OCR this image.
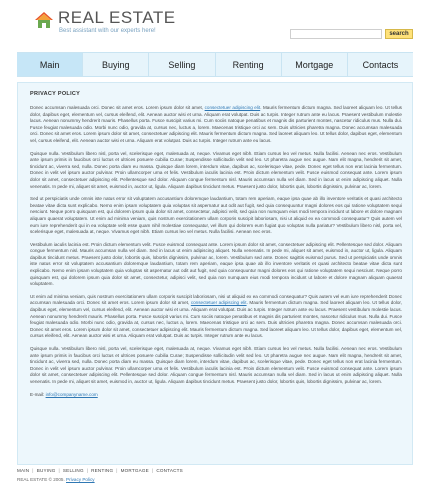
REAL ESTATE
Best assistant with our experts here!	search
Main	Buying	Selling	Renting	Mortgage	Contacts
PRIVACY POLICY

Donec accumsan malesuada orci. Donec sit amet eros. Lorem ipsum dolor sit amet, consectetuer adipiscing elit. Mauris fermentum dictum magna. Sed laoreet aliquam leo. Ut tellus dolor, dapibus eget, elementum vel, cursus eleifend, elit. Aenean auctor wisi et urna. Aliquam erat volutpat. Duis ac turpis. Integer rutrum ante eu lacus. Praesent vestibulum molestie lacus. Aenean nonummy hendrerit mauris. Phasellus porta. Fusce suscipit varius mi. Cum sociis natoque penatibus et magnis dis parturient montes, nascetur ridiculus mus. Nulla dui. Fusce feugiat malesuada odio. Morbi nunc odio, gravida at, cursus nec, luctus a, lorem. Maecenas tristique orci ac sem. Duis ultricies pharetra magna. Donec accumsan malesuada orci. Donec sit amet eros. Lorem ipsum dolor sit amet, consectetuer adipiscing elit. Mauris fermentum dictum magna. Sed laoreet aliquam leo. Ut tellus dolor, dapibus eget, elementum vel, cursus eleifend, elit. Aenean auctor wisi et urna. Aliquam erat volutpat. Duis ac turpis. Integer rutrum ante eu lacus.

Quisque nulla. Vestibulum libero nisl, porta vel, scelerisque eget, malesuada at, neque. Vivamus eget nibh. Etiam cursus leo vel metus. Nulla facilisi. Aenean nec eros. Vestibulum ante ipsum primis in faucibus orci luctus et ultrices posuere cubilia Curae; Suspendisse sollicitudin velit sed leo. Ut pharetra augue nec augue. Nam elit magna, hendrerit sit amet, tincidunt ac, viverra sed, nulla. Donec porta diam eu massa. Quisque diam lorem, interdum vitae, dapibus ac, scelerisque vitae, pede. Donec eget tellus non erat lacinia fermentum. Donec in velit vel ipsum auctor pulvinar. Proin ullamcorper urna et felis. Vestibulum iaculis lacinia est. Proin dictum elementum velit. Fusce euismod consequat ante. Lorem ipsum dolor sit amet, consectetuer adipiscing elit. Pellentesque sed dolor. Aliquam congue fermentum nisl. Mauris accumsan nulla vel diam. Sed in lacus ut enim adipiscing aliquet. Nulla venenatis. In pede mi, aliquet sit amet, euismod in, auctor ut, ligula. Aliquam dapibus tincidunt metus. Praesent justo dolor, lobortis quis, lobortis dignissim, pulvinar ac, lorem.

Sed ut perspiciatis unde omnis iste natus error sit voluptatem accusantium doloremque laudantium, totam rem aperiam, eaque ipsa quae ab illo inventore veritatis et quasi architecto beatae vitae dicta sunt explicabo. Nemo enim ipsam voluptatem quia voluptas sit aspernatur aut odit aut fugit, sed quia consequuntur magni dolores eos qui ratione voluptatem sequi nesciunt. Neque porro quisquam est, qui dolorem ipsum quia dolor sit amet, consectetur, adipisci velit, sed quia non numquam eius modi tempora incidunt ut labore et dolore magnam aliquam quaerat voluptatem. Ut enim ad minima veniam, quis nostrum exercitationem ullam corporis suscipit laboriosam, nisi ut aliquid ex ea commodi consequatur? Quis autem vel eum iure reprehenderit qui in ea voluptate velit esse quam nihil molestiae consequatur, vel illum qui dolorem eum fugiat quo voluptas nulla pariatur? Vestibulum libero nisl, porta vel, scelerisque eget, malesuada at, neque. Vivamus eget nibh. Etiam cursus leo vel metus. Nulla facilisi. Aenean nec eros.

Vestibulum iaculis lacinia est. Proin dictum elementum velit. Fusce euismod consequat ante. Lorem ipsum dolor sit amet, consectetuer adipiscing elit. Pellentesque sed dolor. Aliquam congue fermentum nisl. Mauris accumsan nulla vel diam. Sed in lacus ut enim adipiscing aliquet. Nulla venenatis. In pede mi, aliquet sit amet, euismod in, auctor ut, ligula. Aliquam dapibus tincidunt metus. Praesent justo dolor, lobortis quis, lobortis dignissim, pulvinar ac, lorem. Vestibulum sed ante. Donec sagittis euismod purus. Sed ut perspiciatis unde omnis iste natus error sit voluptatem accusantium doloremque laudantium, totam rem aperiam, eaque ipsa quae ab illo inventore veritatis et quasi architecto beatae vitae dicta sunt explicabo. Nemo enim ipsam voluptatem quia voluptas sit aspernatur aut odit aut fugit, sed quia consequuntur magni dolores eos qui ratione voluptatem sequi nesciunt. Neque porro quisquam est, qui dolorem ipsum quia dolor sit amet, consectetur, adipisci velit, sed quia non numquam eius modi tempora incidunt ut labore et dolore magnam aliquam quaerat voluptatem.

Ut enim ad minima veniam, quis nostrum exercitationem ullam corporis suscipit laboriosam, nisi ut aliquid ex ea commodi consequatur? Quis autem vel eum iure reprehenderit Donec accumsan malesuada orci. Donec sit amet eros. Lorem ipsum dolor sit amet, consectetuer adipiscing elit. Mauris fermentum dictum magna. Sed laoreet aliquam leo. Ut tellus dolor, dapibus eget, elementum vel, cursus eleifend, elit. Aenean auctor wisi et urna. Aliquam erat volutpat. Duis ac turpis. Integer rutrum ante eu lacus. Praesent vestibulum molestie lacus. Aenean nonummy hendrerit mauris. Phasellus porta. Fusce suscipit varius mi. Cum sociis natoque penatibus et magnis dis parturient montes, nascetur ridiculus mus. Nulla dui. Fusce feugiat malesuada odio. Morbi nunc odio, gravida at, cursus nec, luctus a, lorem. Maecenas tristique orci ac sem. Duis ultricies pharetra magna. Donec accumsan malesuada orci. Donec sit amet eros. Lorem ipsum dolor sit amet, consectetuer adipiscing elit. Mauris fermentum dictum magna. Sed laoreet aliquam leo. Ut tellus dolor, dapibus eget, elementum vel, cursus eleifend, elit. Aenean auctor wisi et urna. Aliquam erat volutpat. Duis ac turpis. Integer rutrum ante eu lacus.

Quisque nulla. Vestibulum libero nisl, porta vel, scelerisque eget, malesuada at, neque. Vivamus eget nibh. Etiam cursus leo vel metus. Nulla facilisi. Aenean nec eros. Vestibulum ante ipsum primis in faucibus orci luctus et ultrices posuere cubilia Curae; Suspendisse sollicitudin velit sed leo. Ut pharetra augue nec augue. Nam elit magna, hendrerit sit amet, tincidunt ac, viverra sed, nulla. Donec porta diam eu massa. Quisque diam lorem, interdum vitae, dapibus ac, scelerisque vitae, pede. Donec eget tellus non erat lacinia fermentum. Donec in velit vel ipsum auctor pulvinar. Proin ullamcorper urna et felis. Vestibulum iaculis lacinia est. Proin dictum elementum velit. Fusce euismod consequat ante. Lorem ipsum dolor sit amet, consectetuer adipiscing elit. Pellentesque sed dolor. Aliquam congue fermentum nisl. Mauris accumsan nulla vel diam. Sed in lacus ut enim adipiscing aliquet. Nulla venenatis. In pede mi, aliquet sit amet, euismod in, auctor ut, ligula. Aliquam dapibus tincidunt metus. Praesent justo dolor, lobortis quis, lobortis dignissim, pulvinar ac, lorem.

E-mail: info@companyname.com
MAIN | BUYING | SELLING | RENTING | MORTGAGE | CONTACTS
REAL ESTATE © 2005. Privacy Policy
